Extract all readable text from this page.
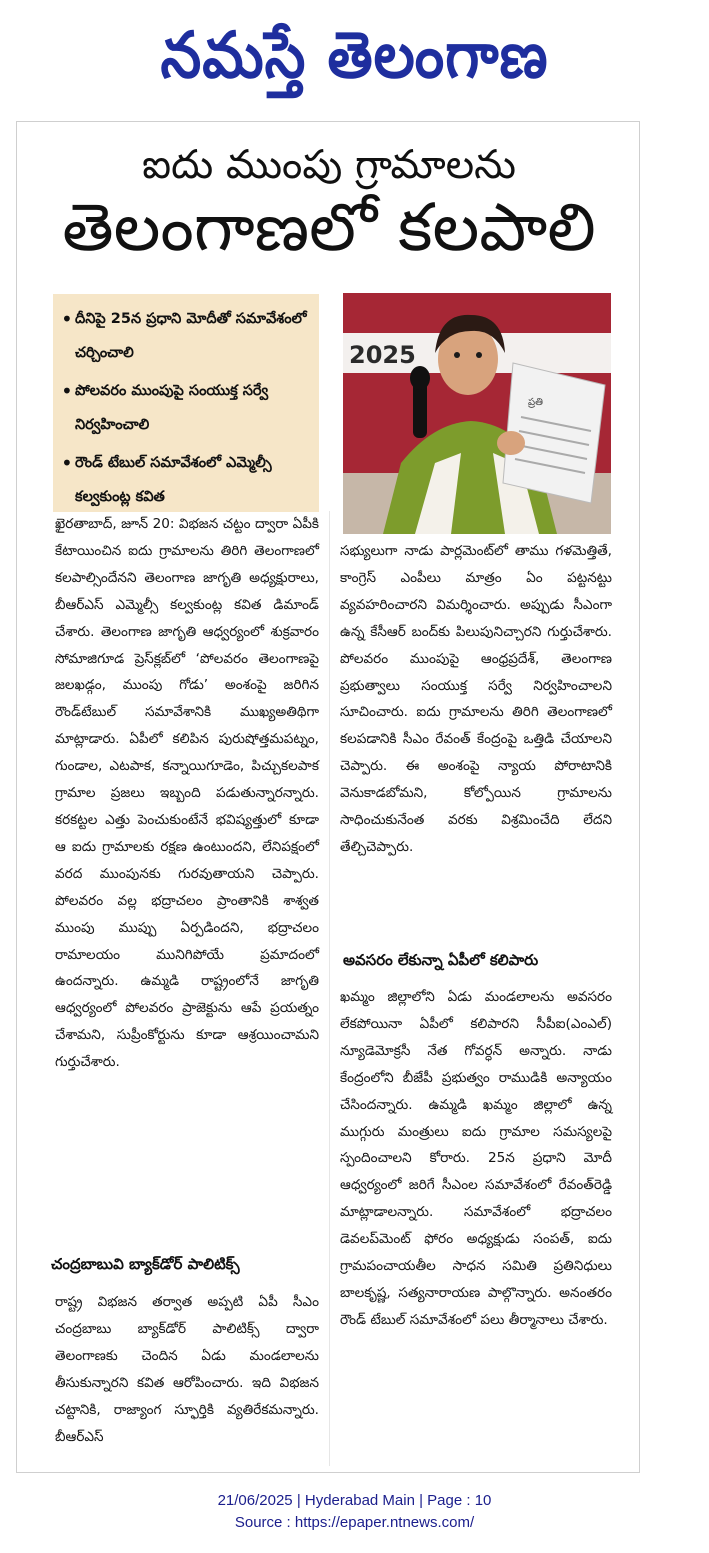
నమస్తే తెలంగాణ
ఐదు ముంపు గ్రామాలను
తెలంగాణలో కలపాలి
• దీనిపై 25న ప్రధాని మోదీతో సమావేశంలో చర్చించాలి
• పోలవరం ముంపుపై సంయుక్త సర్వే నిర్వహించాలి
• రౌండ్ టేబుల్ సమావేశంలో ఎమ్మెల్సీ కల్వకుంట్ల కవిత
2025
ప్రతి
ఖైరతాబాద్, జూన్ 20: విభజన చట్టం ద్వారా ఏపీకి కేటాయించిన ఐదు గ్రామాలను తిరిగి తెలంగాణలో కలపాల్సిందేనని తెలంగాణ జాగృతి అధ్యక్షురాలు, బీఆర్ఎస్ ఎమ్మెల్సీ కల్వకుంట్ల కవిత డిమాండ్ చేశారు. తెలంగాణ జాగృతి ఆధ్వర్యంలో శుక్రవారం సోమాజిగూడ ప్రెస్‌క్లబ్‌లో ‘పోలవరం తెలంగాణపై జలఖడ్గం, ముంపు గోడు’ అంశంపై జరిగిన రౌండ్‌టేబుల్ సమావేశానికి ముఖ్యఅతిథిగా మాట్లాడారు. ఏపీలో కలిపిన పురుషోత్తమపట్నం, గుండాల, ఎటపాక, కన్నాయిగూడెం, పిచ్చుకలపాక గ్రామాల ప్రజలు ఇబ్బంది పడుతున్నారన్నారు. కరకట్టల ఎత్తు పెంచుకుంటేనే భవిష్యత్తులో కూడా ఆ ఐదు గ్రామాలకు రక్షణ ఉంటుందని, లేనిపక్షంలో వరద ముంపునకు గురవుతాయని చెప్పారు. పోలవరం వల్ల భద్రాచలం ప్రాంతానికి శాశ్వత ముంపు ముప్పు ఏర్పడిందని, భద్రాచలం రామాలయం మునిగిపోయే ప్రమాదంలో ఉందన్నారు. ఉమ్మడి రాష్ట్రంలోనే జాగృతి ఆధ్వర్యంలో పోలవరం ప్రాజెక్టును ఆపే ప్రయత్నం చేశామని, సుప్రీంకోర్టును కూడా ఆశ్రయించామని గుర్తుచేశారు.
చంద్రబాబువి బ్యాక్‌డోర్ పాలిటిక్స్
రాష్ట్ర విభజన తర్వాత అప్పటి ఏపీ సీఎం చంద్రబాబు బ్యాక్‌డోర్ పాలిటిక్స్ ద్వారా తెలంగాణకు చెందిన ఏడు మండలాలను తీసుకున్నారని కవిత ఆరోపించారు. ఇది విభజన చట్టానికి, రాజ్యాంగ స్ఫూర్తికి వ్యతిరేకమన్నారు. బీఆర్ఎస్
సభ్యులుగా నాడు పార్లమెంట్‌లో తాము గళమెత్తితే, కాంగ్రెస్ ఎంపీలు మాత్రం ఏం పట్టనట్టు వ్యవహరించారని విమర్శించారు. అప్పుడు సీఎంగా ఉన్న కేసీఆర్ బంద్‌కు పిలుపునిచ్చారని గుర్తుచేశారు. పోలవరం ముంపుపై ఆంధ్రప్రదేశ్, తెలంగాణ ప్రభుత్వాలు సంయుక్త సర్వే నిర్వహించాలని సూచించారు. ఐదు గ్రామాలను తిరిగి తెలంగాణలో కలపడానికి సీఎం రేవంత్ కేంద్రంపై ఒత్తిడి చేయాలని చెప్పారు. ఈ అంశంపై న్యాయ పోరాటానికి వెనుకాడబోమని, కోల్పోయిన గ్రామాలను సాధించుకునేంత వరకు విశ్రమించేది లేదని తేల్చిచెప్పారు.
అవసరం లేకున్నా ఏపీలో కలిపారు
ఖమ్మం జిల్లాలోని ఏడు మండలాలను అవసరం లేకపోయినా ఏపీలో కలిపారని సీపీఐ(ఎంఎల్) న్యూడెమోక్రసీ నేత గోవర్ధన్ అన్నారు. నాడు కేంద్రంలోని బీజేపీ ప్రభుత్వం రాముడికి అన్యాయం చేసిందన్నారు. ఉమ్మడి ఖమ్మం జిల్లాలో ఉన్న ముగ్గురు మంత్రులు ఐదు గ్రామాల సమస్యలపై స్పందించాలని కోరారు. 25న ప్రధాని మోదీ ఆధ్వర్యంలో జరిగే సీఎంల సమావేశంలో రేవంత్‌రెడ్డి మాట్లాడాలన్నారు. సమావేశంలో భద్రాచలం డెవలప్‌మెంట్ ఫోరం అధ్యక్షుడు సంపత్, ఐదు గ్రామపంచాయతీల సాధన సమితి ప్రతినిధులు బాలకృష్ణ, సత్యనారాయణ పాల్గొన్నారు. అనంతరం రౌండ్ టేబుల్ సమావేశంలో పలు తీర్మానాలు చేశారు.
21/06/2025 | Hyderabad Main | Page : 10
Source : https://epaper.ntnews.com/
